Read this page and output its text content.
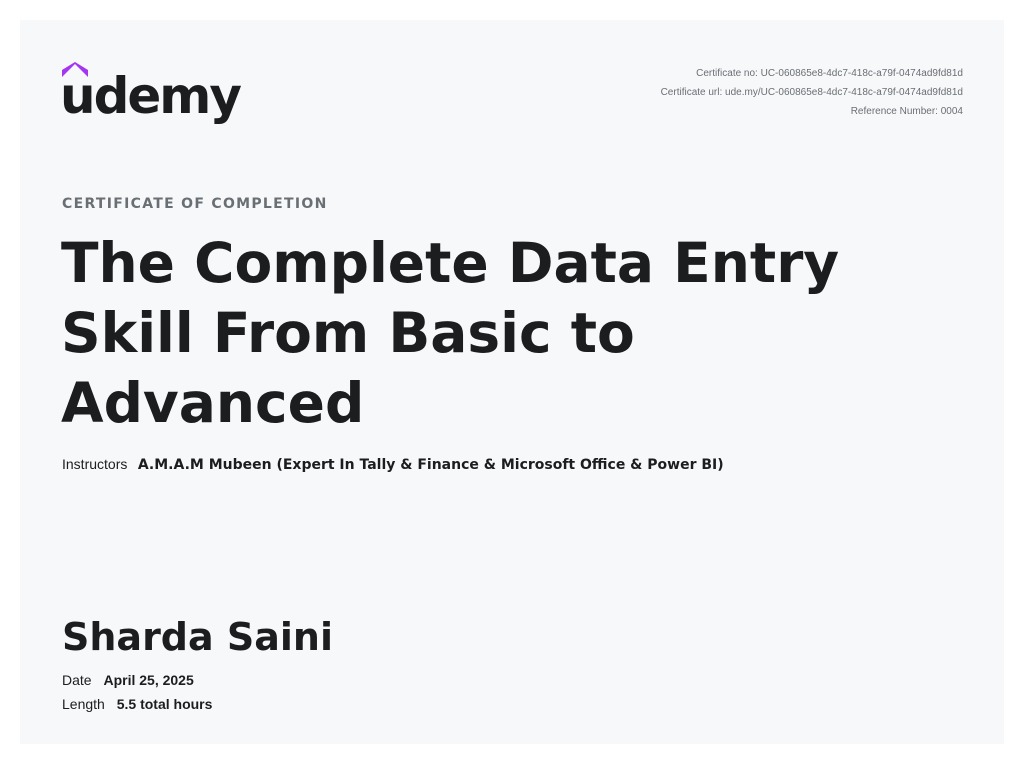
udemy	Certificate no: UC-060865e8-4dc7-418c-a79f-0474ad9fd81d
Certificate url: ude.my/UC-060865e8-4dc7-418c-a79f-0474ad9fd81d
Reference Number: 0004
CERTIFICATE OF COMPLETION
The Complete Data Entry Skill From Basic to Advanced
Instructors A.M.A.M Mubeen (Expert In Tally & Finance & Microsoft Office & Power BI)
Sharda Saini
Date April 25, 2025
Length 5.5 total hours
